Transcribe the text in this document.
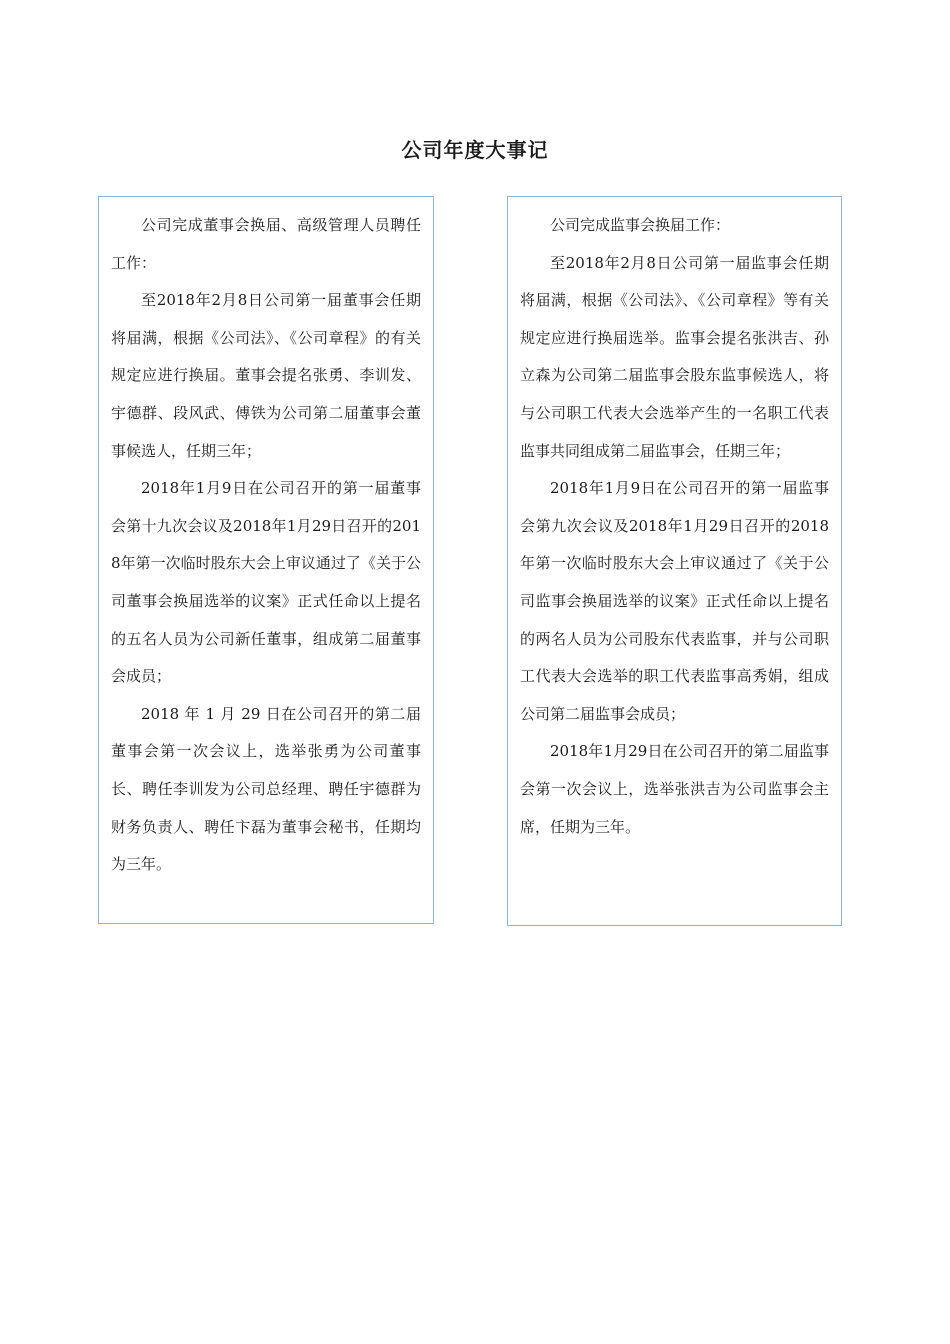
公司年度大事记

公司完成董事会换届、高级管理人员聘任工作：

至2018年2月8日公司第一届董事会任期将届满，根据《公司法》、《公司章程》的有关规定应进行换届。董事会提名张勇、李训发、宇德群、段风武、傅铁为公司第二届董事会董事候选人，任期三年；

2018年1月9日在公司召开的第一届董事会第十九次会议及2018年1月29日召开的2018年第一次临时股东大会上审议通过了《关于公司董事会换届选举的议案》正式任命以上提名的五名人员为公司新任董事，组成第二届董事会成员；

2018 年 1 月 29 日在公司召开的第二届董事会第一次会议上，选举张勇为公司董事长、聘任李训发为公司总经理、聘任宇德群为财务负责人、聘任卞磊为董事会秘书，任期均为三年。

公司完成监事会换届工作：

至2018年2月8日公司第一届监事会任期将届满，根据《公司法》、《公司章程》等有关规定应进行换届选举。监事会提名张洪吉、孙立森为公司第二届监事会股东监事候选人，将与公司职工代表大会选举产生的一名职工代表监事共同组成第二届监事会，任期三年；

2018年1月9日在公司召开的第一届监事会第九次会议及2018年1月29日召开的2018年第一次临时股东大会上审议通过了《关于公司监事会换届选举的议案》正式任命以上提名的两名人员为公司股东代表监事，并与公司职工代表大会选举的职工代表监事高秀娟，组成公司第二届监事会成员；

2018年1月29日在公司召开的第二届监事会第一次会议上，选举张洪吉为公司监事会主席，任期为三年。
